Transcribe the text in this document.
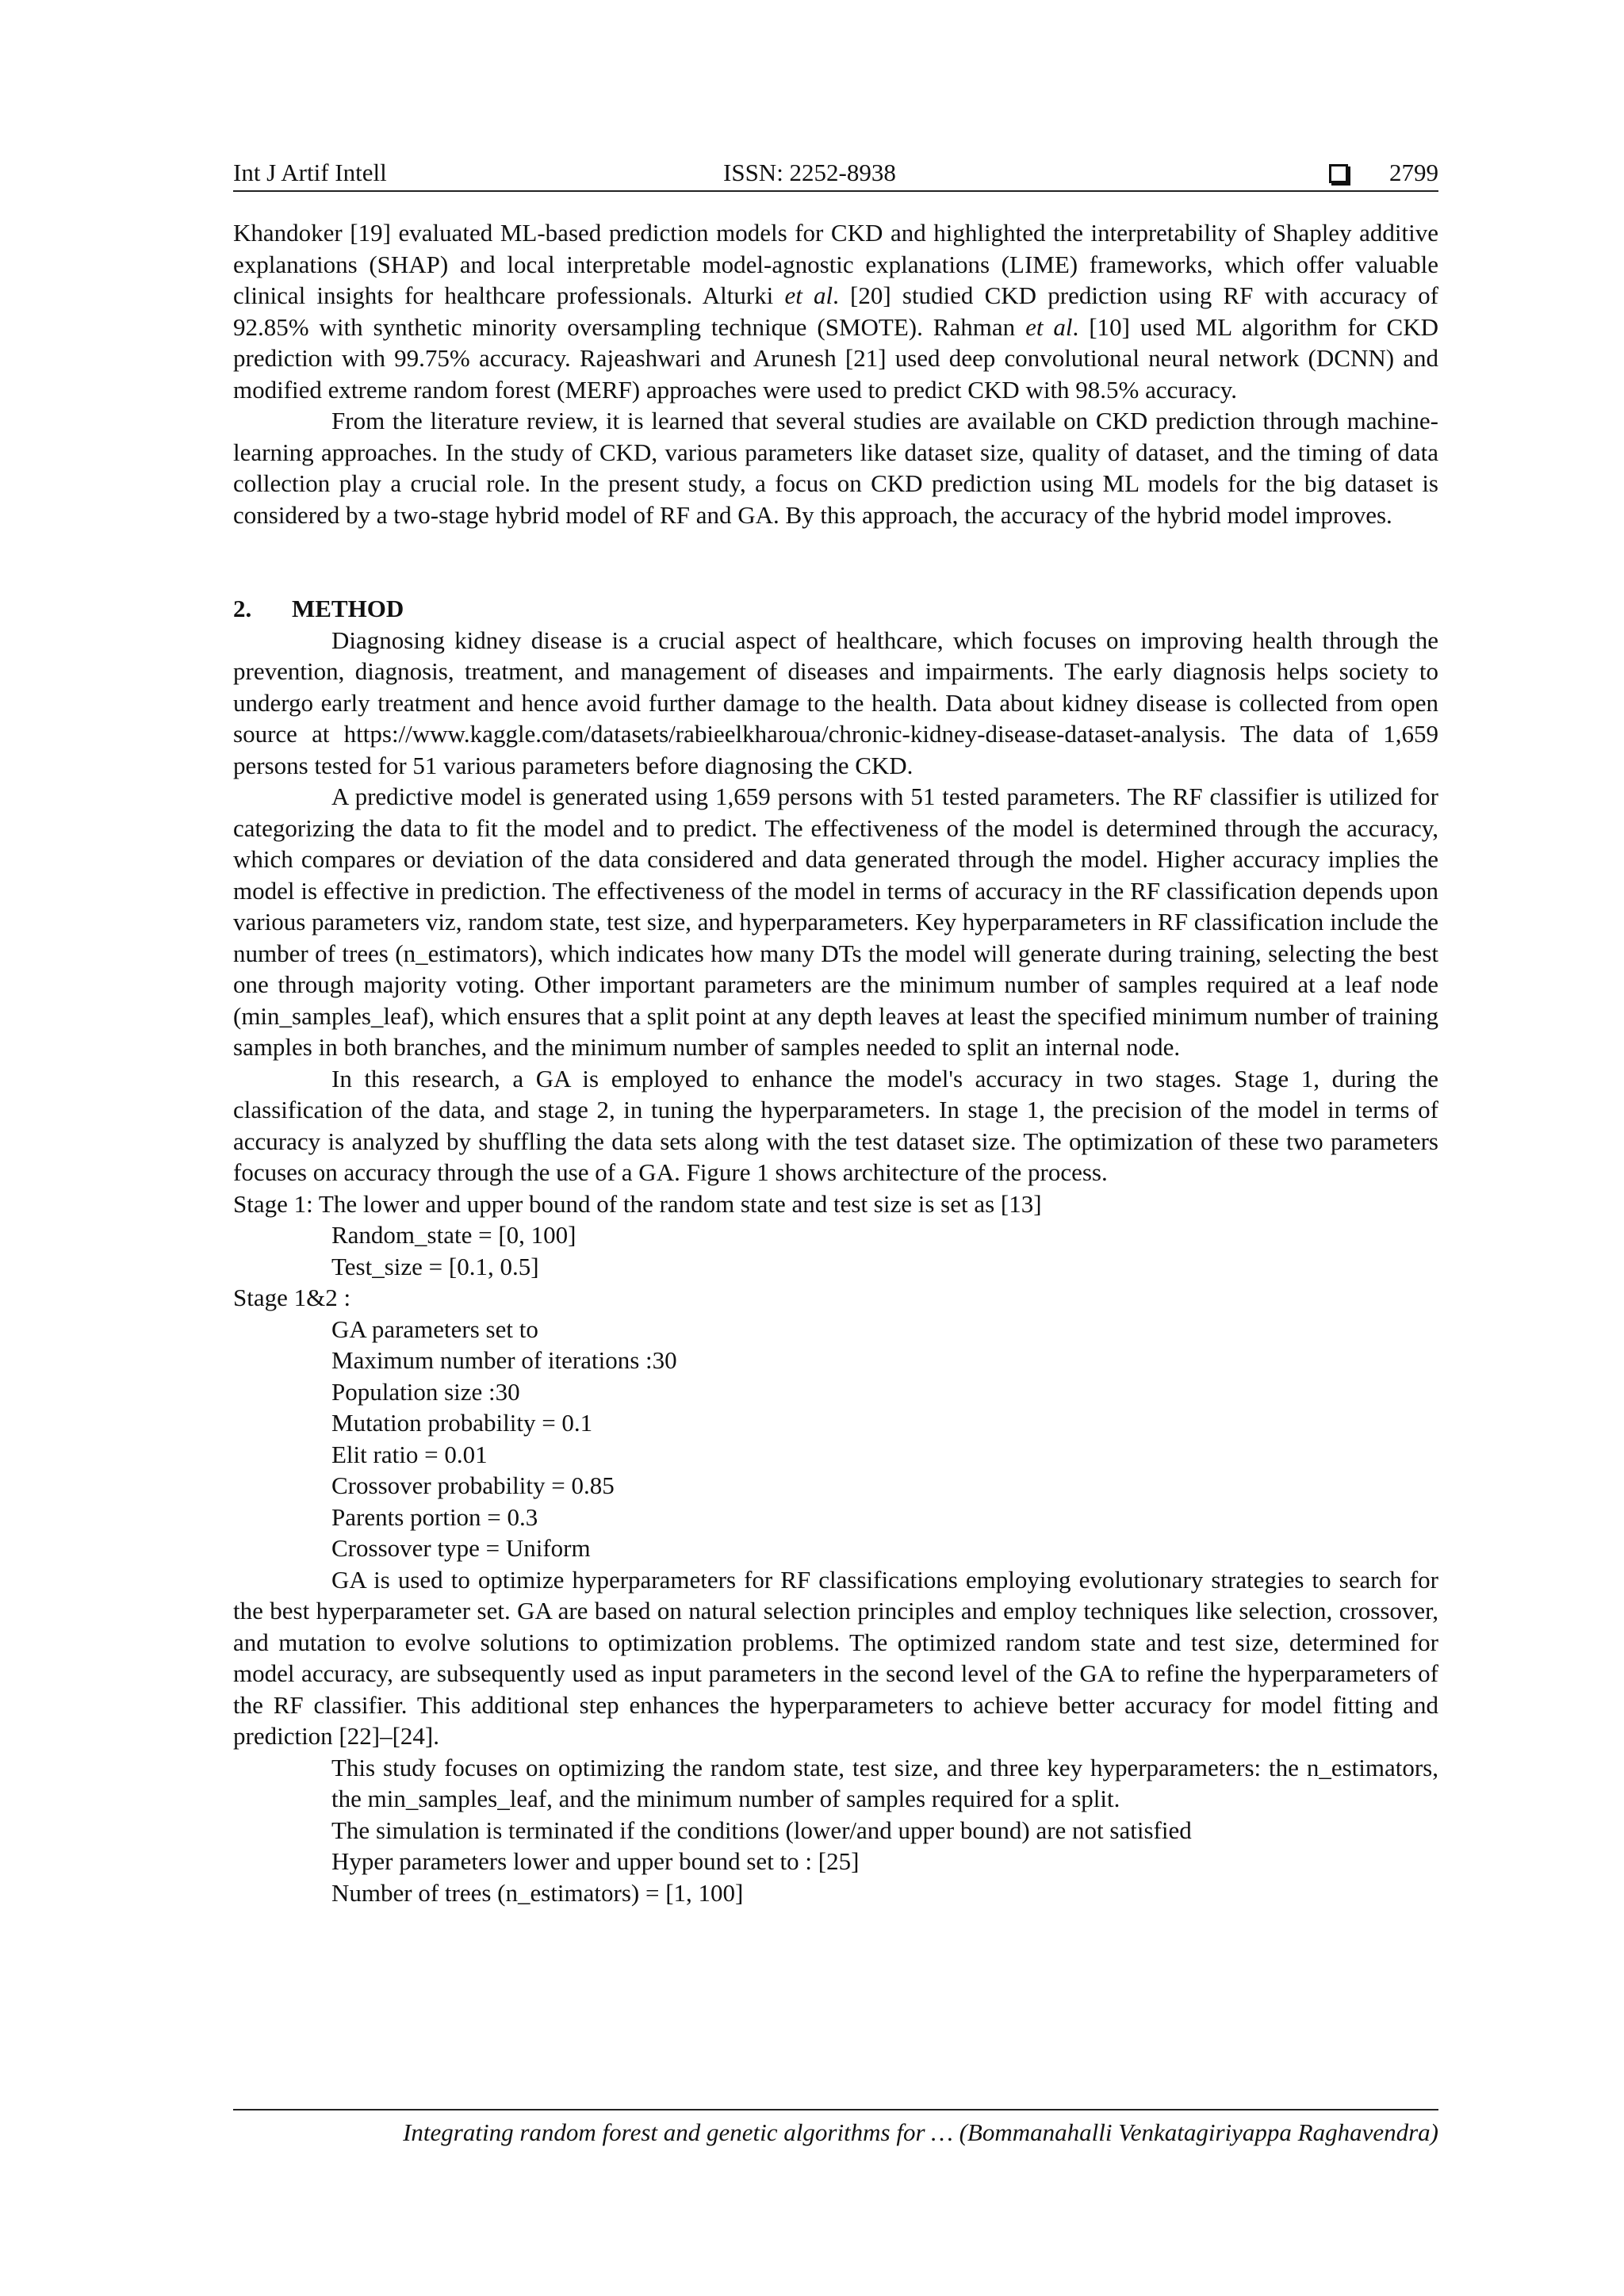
Int J Artif Intell	ISSN: 2252-8938	2799

Khandoker [19] evaluated ML-based prediction models for CKD and highlighted the interpretability of Shapley additive explanations (SHAP) and local interpretable model-agnostic explanations (LIME) frameworks, which offer valuable clinical insights for healthcare professionals. Alturki et al. [20] studied CKD prediction using RF with accuracy of 92.85% with synthetic minority oversampling technique (SMOTE). Rahman et al. [10] used ML algorithm for CKD prediction with 99.75% accuracy. Rajeashwari and Arunesh [21] used deep convolutional neural network (DCNN) and modified extreme random forest (MERF) approaches were used to predict CKD with 98.5% accuracy.

From the literature review, it is learned that several studies are available on CKD prediction through machine-learning approaches. In the study of CKD, various parameters like dataset size, quality of dataset, and the timing of data collection play a crucial role. In the present study, a focus on CKD prediction using ML models for the big dataset is considered by a two-stage hybrid model of RF and GA. By this approach, the accuracy of the hybrid model improves.

2. METHOD

Diagnosing kidney disease is a crucial aspect of healthcare, which focuses on improving health through the prevention, diagnosis, treatment, and management of diseases and impairments. The early diagnosis helps society to undergo early treatment and hence avoid further damage to the health. Data about kidney disease is collected from open source at https://www.kaggle.com/datasets/rabieelkharoua/chronic-kidney-disease-dataset-analysis. The data of 1,659 persons tested for 51 various parameters before diagnosing the CKD.

A predictive model is generated using 1,659 persons with 51 tested parameters. The RF classifier is utilized for categorizing the data to fit the model and to predict. The effectiveness of the model is determined through the accuracy, which compares or deviation of the data considered and data generated through the model. Higher accuracy implies the model is effective in prediction. The effectiveness of the model in terms of accuracy in the RF classification depends upon various parameters viz, random state, test size, and hyperparameters. Key hyperparameters in RF classification include the number of trees (n_estimators), which indicates how many DTs the model will generate during training, selecting the best one through majority voting. Other important parameters are the minimum number of samples required at a leaf node (min_samples_leaf), which ensures that a split point at any depth leaves at least the specified minimum number of training samples in both branches, and the minimum number of samples needed to split an internal node.

In this research, a GA is employed to enhance the model's accuracy in two stages. Stage 1, during the classification of the data, and stage 2, in tuning the hyperparameters. In stage 1, the precision of the model in terms of accuracy is analyzed by shuffling the data sets along with the test dataset size. The optimization of these two parameters focuses on accuracy through the use of a GA. Figure 1 shows architecture of the process.

Stage 1: The lower and upper bound of the random state and test size is set as [13]
Random_state = [0, 100]
Test_size = [0.1, 0.5]
Stage 1&2 :
GA parameters set to
Maximum number of iterations :30
Population size :30
Mutation probability = 0.1
Elit ratio = 0.01
Crossover probability = 0.85
Parents portion = 0.3
Crossover type = Uniform

GA is used to optimize hyperparameters for RF classifications employing evolutionary strategies to search for the best hyperparameter set. GA are based on natural selection principles and employ techniques like selection, crossover, and mutation to evolve solutions to optimization problems. The optimized random state and test size, determined for model accuracy, are subsequently used as input parameters in the second level of the GA to refine the hyperparameters of the RF classifier. This additional step enhances the hyperparameters to achieve better accuracy for model fitting and prediction [22]–[24].

This study focuses on optimizing the random state, test size, and three key hyperparameters: the n_estimators, the min_samples_leaf, and the minimum number of samples required for a split.

The simulation is terminated if the conditions (lower/and upper bound) are not satisfied
Hyper parameters lower and upper bound set to : [25]
Number of trees (n_estimators) = [1, 100]
Integrating random forest and genetic algorithms for … (Bommanahalli Venkatagiriyappa Raghavendra)
